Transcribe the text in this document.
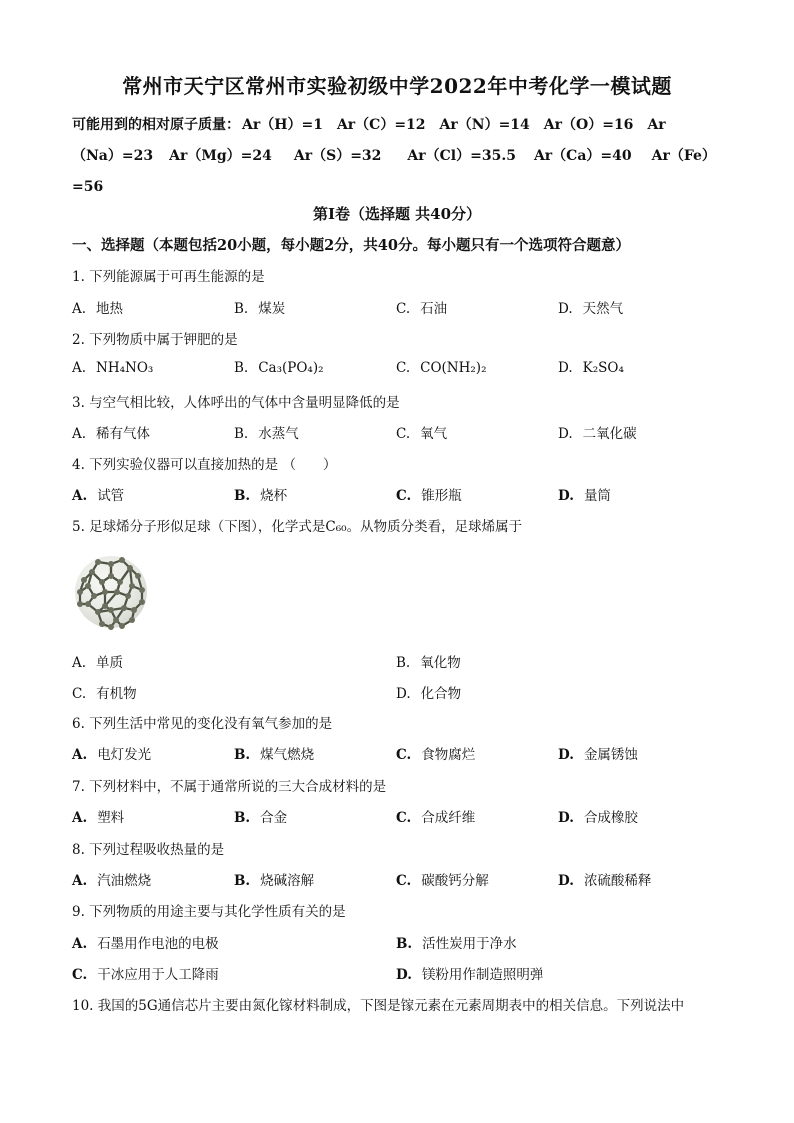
常州市天宁区常州市实验初级中学2022年中考化学一模试题
可能用到的相对原子质量： Ar（H）=1 Ar（C）=12 Ar（N）=14 Ar（O）=16 Ar
（Na）=23 Ar（Mg）=24 Ar（S）=32 Ar（Cl）=35.5 Ar（Ca）=40 Ar（Fe）
=56
第Ⅰ卷（选择题 共40分）
一、选择题（本题包括20小题，每小题2分，共40分。每小题只有一个选项符合题意）
1. 下列能源属于可再生能源的是
A. 地热	B. 煤炭	C. 石油	D. 天然气
2. 下列物质中属于钾肥的是
A. NH₄NO₃	B. Ca₃(PO₄)₂	C. CO(NH₂)₂	D. K₂SO₄
3. 与空气相比较，人体呼出的气体中含量明显降低的是
A. 稀有气体	B. 水蒸气	C. 氧气	D. 二氧化碳
4. 下列实验仪器可以直接加热的是 （　　）
A. 试管	B. 烧杯	C. 锥形瓶	D. 量筒
5. 足球烯分子形似足球（下图），化学式是C₆₀。从物质分类看，足球烯属于
A. 单质	B. 氧化物
C. 有机物	D. 化合物
6. 下列生活中常见的变化没有氧气参加的是
A. 电灯发光	B. 煤气燃烧	C. 食物腐烂	D. 金属锈蚀
7. 下列材料中，不属于通常所说的三大合成材料的是
A. 塑料	B. 合金	C. 合成纤维	D. 合成橡胶
8. 下列过程吸收热量的是
A. 汽油燃烧	B. 烧碱溶解	C. 碳酸钙分解	D. 浓硫酸稀释
9. 下列物质的用途主要与其化学性质有关的是
A. 石墨用作电池的电极	B. 活性炭用于净水
C. 干冰应用于人工降雨	D. 镁粉用作制造照明弹
10. 我国的5G通信芯片主要由氮化镓材料制成，下图是镓元素在元素周期表中的相关信息。下列说法中
